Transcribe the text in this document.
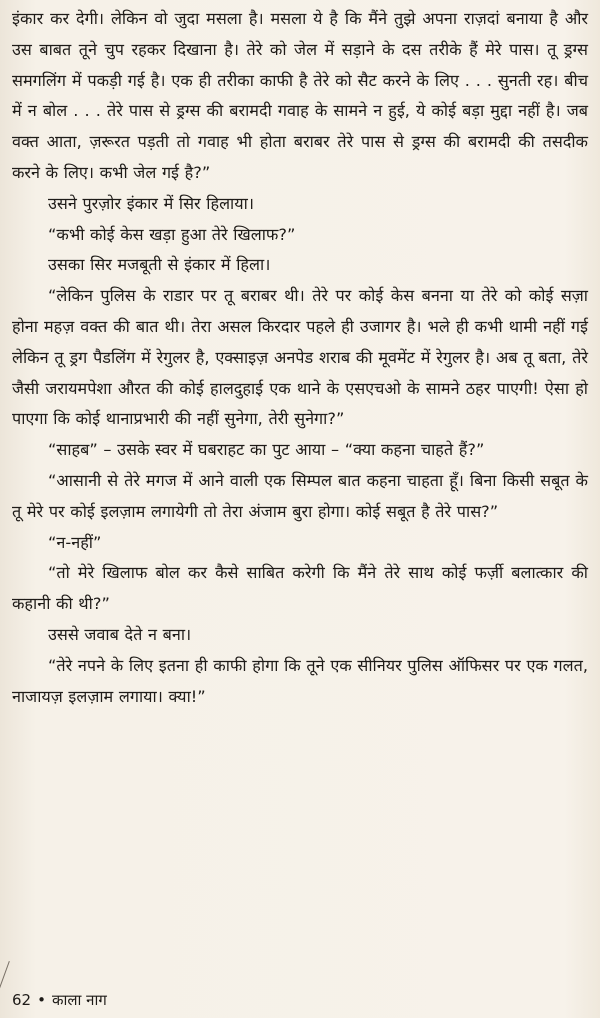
इंकार कर देगी। लेकिन वो जुदा मसला है। मसला ये है कि मैंने तुझे अपना राज़दां बनाया है और उस बाबत तूने चुप रहकर दिखाना है। तेरे को जेल में सड़ाने के दस तरीके हैं मेरे पास। तू ड्रग्स समगलिंग में पकड़ी गई है। एक ही तरीका काफी है तेरे को सैट करने के लिए . . . सुनती रह। बीच में न बोल . . . तेरे पास से ड्रग्स की बरामदी गवाह के सामने न हुई, ये कोई बड़ा मुद्दा नहीं है। जब वक्त आता, ज़रूरत पड़ती तो गवाह भी होता बराबर तेरे पास से ड्रग्स की बरामदी की तसदीक करने के लिए। कभी जेल गई है?”

उसने पुरज़ोर इंकार में सिर हिलाया।

“कभी कोई केस खड़ा हुआ तेरे खिलाफ?”

उसका सिर मजबूती से इंकार में हिला।

“लेकिन पुलिस के राडार पर तू बराबर थी। तेरे पर कोई केस बनना या तेरे को कोई सज़ा होना महज़ वक्त की बात थी। तेरा असल किरदार पहले ही उजागर है। भले ही कभी थामी नहीं गई लेकिन तू ड्रग पैडलिंग में रेगुलर है, एक्साइज़ अनपेड शराब की मूवमेंट में रेगुलर है। अब तू बता, तेरे जैसी जरायमपेशा औरत की कोई हालदुहाई एक थाने के एसएचओ के सामने ठहर पाएगी! ऐसा हो पाएगा कि कोई थानाप्रभारी की नहीं सुनेगा, तेरी सुनेगा?”

“साहब” – उसके स्वर में घबराहट का पुट आया – “क्या कहना चाहते हैं?”

“आसानी से तेरे मगज में आने वाली एक सिम्पल बात कहना चाहता हूँ। बिना किसी सबूत के तू मेरे पर कोई इलज़ाम लगायेगी तो तेरा अंजाम बुरा होगा। कोई सबूत है तेरे पास?”

“न-नहीं”

“तो मेरे खिलाफ बोल कर कैसे साबित करेगी कि मैंने तेरे साथ कोई फर्ज़ी बलात्कार की कहानी की थी?”

उससे जवाब देते न बना।

“तेरे नपने के लिए इतना ही काफी होगा कि तूने एक सीनियर पुलिस ऑफिसर पर एक गलत, नाजायज़ इलज़ाम लगाया। क्या!”

62 • काला नाग
